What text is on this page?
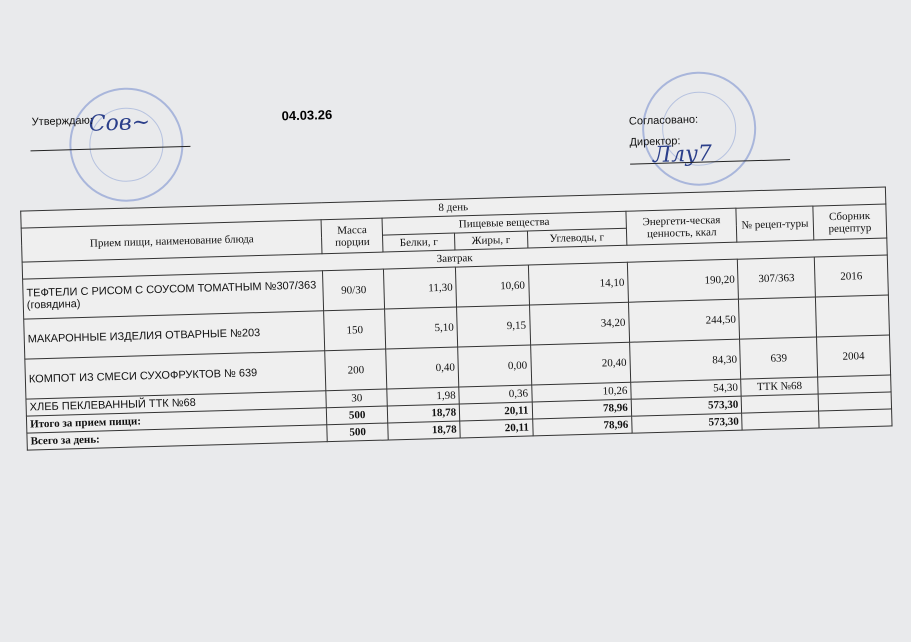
Сов~
Ллу7
Утверждаю:	04.03.26	Согласовано:
Директор:
8 день							
Прием пищи, наименование блюда	Масса порции	Пищевые вещества			Энергети-ческая ценность, ккал	№ рецеп-туры	Сборник рецептур
		Белки, г	Жиры, г	Углеводы, г			
Завтрак							
ТЕФТЕЛИ С РИСОМ С СОУСОМ ТОМАТНЫМ №307/363 (говядина)	90/30	11,30	10,60	14,10	190,20	307/363	2016
МАКАРОННЫЕ ИЗДЕЛИЯ ОТВАРНЫЕ №203	150	5,10	9,15	34,20	244,50		
КОМПОТ ИЗ СМЕСИ СУХОФРУКТОВ № 639	200	0,40	0,00	20,40	84,30	639	2004
ХЛЕБ ПЕКЛЕВАННЫЙ ТТК №68	30	1,98	0,36	10,26	54,30	ТТК №68	
Итого за прием пищи:	500	18,78	20,11	78,96	573,30		
Всего за день:	500	18,78	20,11	78,96	573,30		
